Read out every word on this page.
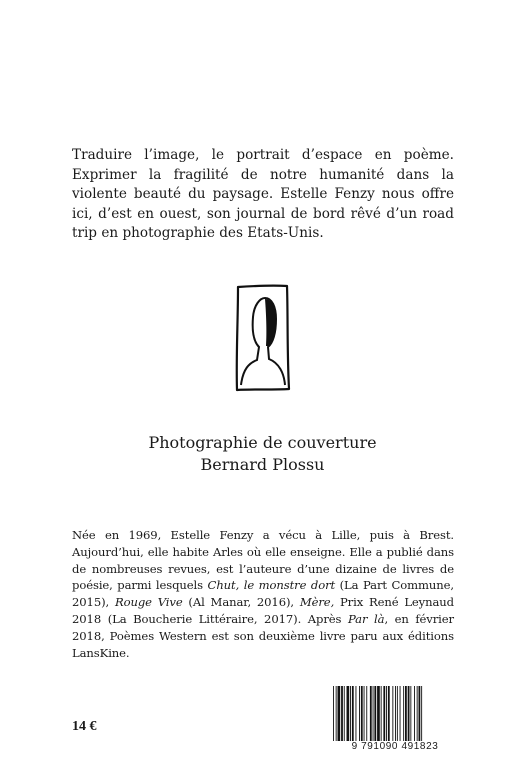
Traduire l’image, le portrait d’espace en poème. Exprimer la fragilité de notre humanité dans la violente beauté du paysage. Estelle Fenzy nous offre ici, d’est en ouest, son journal de bord rêvé d’un road trip en photographie des Etats-Unis.

Photographie de couverture
Bernard Plossu

Née en 1969, Estelle Fenzy a vécu à Lille, puis à Brest. Aujourd’hui, elle habite Arles où elle enseigne. Elle a publié dans de nombreuses revues, est l’auteure d’une dizaine de livres de poésie, parmi lesquels Chut, le monstre dort (La Part Commune, 2015), Rouge Vive (Al Manar, 2016), Mère, Prix René Leynaud 2018 (La Boucherie Littéraire, 2017). Après Par là, en février 2018, Poèmes Western est son deuxième livre paru aux éditions LansKine.

14 €
9 791090 491823
